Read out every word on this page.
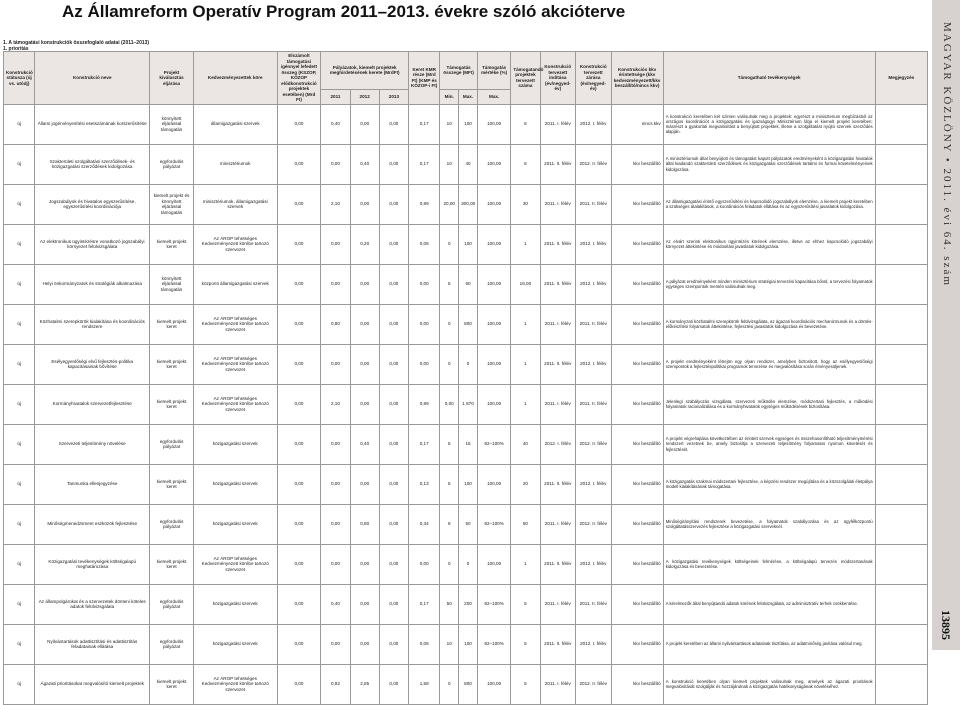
Az Államreform Operatív Program 2011–2013. évekre szóló akcióterve
MAGYAR KÖZLÖNY • 2011. évi 64. szám
13895
1. A támogatási konstrukciók összefoglaló adatai (2011–2013)
1. prioritás
Konstrukció státusza (új vs. utódj)	Konstrukció neve	Projekt kiválasztás eljárása	Kedvezményezettek köre	Elszámolt támogatási igénnyel lefedett összeg (KSZOP, KÖZOP elődkonstrukció projektek esetében) (Mrd Ft)	Pályázatok, kiemelt projektek meghirdetésének kerete (MrdFt)			Keret KMR része (Mrd Ft) (KMP és KÖZOP-i Ft)	Támogatás összege (MFt)		Támogatás mértéke (%)	Támogatandó projektek tervezett száma	Konstrukció tervezett indítása (év/negyed-év)	Konstrukció tervezett zárása (év/negyed-év)	Konstrukciós kkv érintettsége (kkv kedvezményezett/kkv beszállító/nincs kkv)	Támogatható tevékenységek	Megjegyzés
					2011	2012	2013		Min.	Max.	Max.						
új	Állami jogérvényesítési esetszámának korszerűsítése	könnyített eljárással támogatás	államigazgatási szervek	0,00	0,40	0,00	0,00	0,17	10	100	100,00	8	2011. I. félév	2012. I. félév	nincs kkv	A konstrukció keretében két szinten valósulnak meg a projektek: egyrészt a miniszterium megbízásból az országos koordinációt a közigazgatási és igazságügyi Minisztérium látja el kiemelt projekt keretében; másrészt a gyakorlati megvalósítást a benyújtott projektek, illetve a szolgáltatást nyújtó szervek szerződés alapján.	
új	Szakterületi szolgáltatási szerződések- és közigazgatási szerződések kidolgozása	egyfordulós pályázat	minisztériumok	0,00	0,00	0,40	0,00	0,17	10	40	100,00	8	2011. II. félév	2012. II. félév	kkv beszállító	A minisztériumok által benyújtott és támogatást kapott pályázatok eredményeként a közigazgatási hivatalok által kiadandó szakterületi szerződések és közigazgatási szerződések tartalmi és formai követelményeinek kidolgozása.	
új	Jogszabályok és hivatalos egyszerűsítése, egyszerűsítési koordinációja	kiemelt projekt és könnyített eljárással támogatás	minisztériumok, államigazgatási szervek	0,00	2,10	0,00	0,00	0,89	20,00	300,00	100,00	30	2011. I. félév	2011. II. félév	kkv beszállító	Az államigazgatási érintő egyszerűsítési és kapcsolódó jogszabályok elemzése, a kiemelt projekt keretében a szükséges átalakítások, a koordinációs feladatok ellátása és az egyszerűsítési javaslatok kidolgozása.	
új	Az elektronikus ügyintézésre vonatkozó jogszabályi környezet felülvizsgálata	kiemelt projekt keret	Az ÁROP tehetséges Kedvezményezett körébe tartozó szervezet	0,00	0,00	0,20	0,00	0,08	0	100	100,00	1	2011. II. félév	2012. I. félév	kkv beszállító	Az elvárt szerinti elektronikus ügyintézés körének elemzése, illetve az ehhez kapcsolódó jogszabályi környezet áttekintése és módosítási javaslatok kidolgozása.	
új	Helyi önkormányzatok és stratégiák alkalmazása	könnyített eljárással támogatás	központi államigazgatási szervek	0,00	0,00	0,00	0,00	0,00	5	60	100,00	16,00	2011. II. félév	2012. I. félév	kkv beszállító	A pályázat eredményeként minden minisztérium stratégiai tervezési kapacitása bővül, a tervezési folyamatok egységes szempontok mentén valósulnak meg.	
új	Közhatalmi szerepkörök kialakítása és koordinációs rendszere	kiemelt projekt keret	Az ÁROP tehetséges Kedvezményezett körébe tartozó szervezet	0,00	0,80	0,00	0,00	0,00	0	800	100,00	1	2011. I. félév	2011. II. félév	kkv beszállító	A kormányzati közhatalmi szerepkörök felülvizsgálata, az ágazati koordinációs mechanizmusok és a döntés-előkészítési folyamatok áttekintése, fejlesztési javaslatok kidolgozása és bevezetése.	
új	Esélyegyenlőségi elvű fejlesztés-politika kapacitásainak bővítése	kiemelt projekt keret	Az ÁROP tehetséges Kedvezményezett körébe tartozó szervezet	0,00	0,00	0,00	0,00	0,00	0	0	100,00	1	2011. II. félév	2012. I. félév	kkv beszállító	A projekt eredményeként létrejön egy olyan rendszer, amelyben biztosított, hogy az esélyegyenlőségi szempontok a fejlesztéspolitikai programok tervezése és megvalósítása során érvényesüljenek.	
új	Kormányhivatalok szervezetfejlesztése	kiemelt projekt keret	Az ÁROP tehetséges Kedvezményezett körébe tartozó szervezet	0,00	2,10	0,00	0,00	0,89	0,00	1 870	100,00	1	2011. I. félév	2011. II. félév	kkv beszállító	Jelenlegi szabályozás vizsgálata, szervezeti működés elemzése, módszertani fejlesztés, a működési folyamatok racionalizálása és a kormányhivatalok egységes működésének biztosítása.	
új	Szervezeti teljesítmény növelése	egyfordulós pályázat	közigazgatási szervek	0,00	0,00	0,40	0,00	0,17	5	15	92–100%	40	2012. I. félév	2012. II. félév	kkv beszállító	A projekt végrehajtása következtében az érintett szervek egységes és összehasonlítható teljesítménymérési rendszert vezetnek be, amely biztosítja a szervezeti teljesítmény folyamatos nyomon követését és fejlesztését.	
új	Tanmunka ellenjegyzése	kiemelt projekt keret	közigazgatási szervek	0,00	0,00	0,00	0,00	0,13	5	100	100,00	20	2011. II. félév	2012. I. félév	kkv beszállító	A közigazgatás szakmai módszertani fejlesztése, a képzési rendszer megújítása és a közszolgálati életpálya modell kialakításának támogatása.	
új	Minőségmenedzsment eszközök fejlesztése	egyfordulós pályázat	közigazgatási szervek	0,00	0,00	0,80	0,00	0,34	8	50	92–100%	50	2011. I. félév	2012. II. félév	kkv beszállító	Minőségirányítási rendszerek bevezetése, a folyamatok szabályozása és az ügyfélközpontú szolgáltatásszervezés fejlesztése a közigazgatási szerveknél.	
új	Közigazgatási tevékenységek költségalapú meghatározása	kiemelt projekt keret	Az ÁROP tehetséges Kedvezményezett körébe tartozó szervezet	0,00	0,00	0,00	0,00	0,00	0	0	100,00	1	2011. II. félév	2012. I. félév	kkv beszállító	A közigazgatási tevékenységek költségeinek felmérése, a költségalapú tervezés módszertanának kidolgozása és bevezetése.	
új	Az állampolgárokat és a szervezetek dönteni köteles adatok felülvizsgálata	egyfordulós pályázat	közigazgatási szervek	0,00	0,40	0,00	0,00	0,17	50	200	92–100%	5	2011. I. félév	2011. II. félév	kkv beszállító	A kérelmezők által benyújtandó adatok körének felülvizsgálata, az adminisztratív terhek csökkentése.	
új	Nyilvántartások adattisztítási és adattisztítás feladatainak ellátása	egyfordulós pályázat	közigazgatási szervek	0,00	0,00	0,00	0,00	0,08	10	100	92–100%	5	2011. II. félév	2012. I. félév	kkv beszállító	A projekt keretében az állami nyilvántartások adatainak tisztítása, az adatminőség javítása valósul meg.	
új	Ágazati prioritásokat megvalósító kiemelt projektek	kiemelt projekt keret	Az ÁROP tehetséges Kedvezményezett körébe tartozó szervezet	0,00	0,92	2,85	0,00	1,58	0	800	100,00	5	2011. I. félév	2012. II. félév	kkv beszállító	A konstrukció keretében olyan kiemelt projektek valósulnak meg, amelyek az ágazati prioritások megvalósítását szolgálják és hozzájárulnak a közigazgatás hatékonyságának növeléséhez.	
